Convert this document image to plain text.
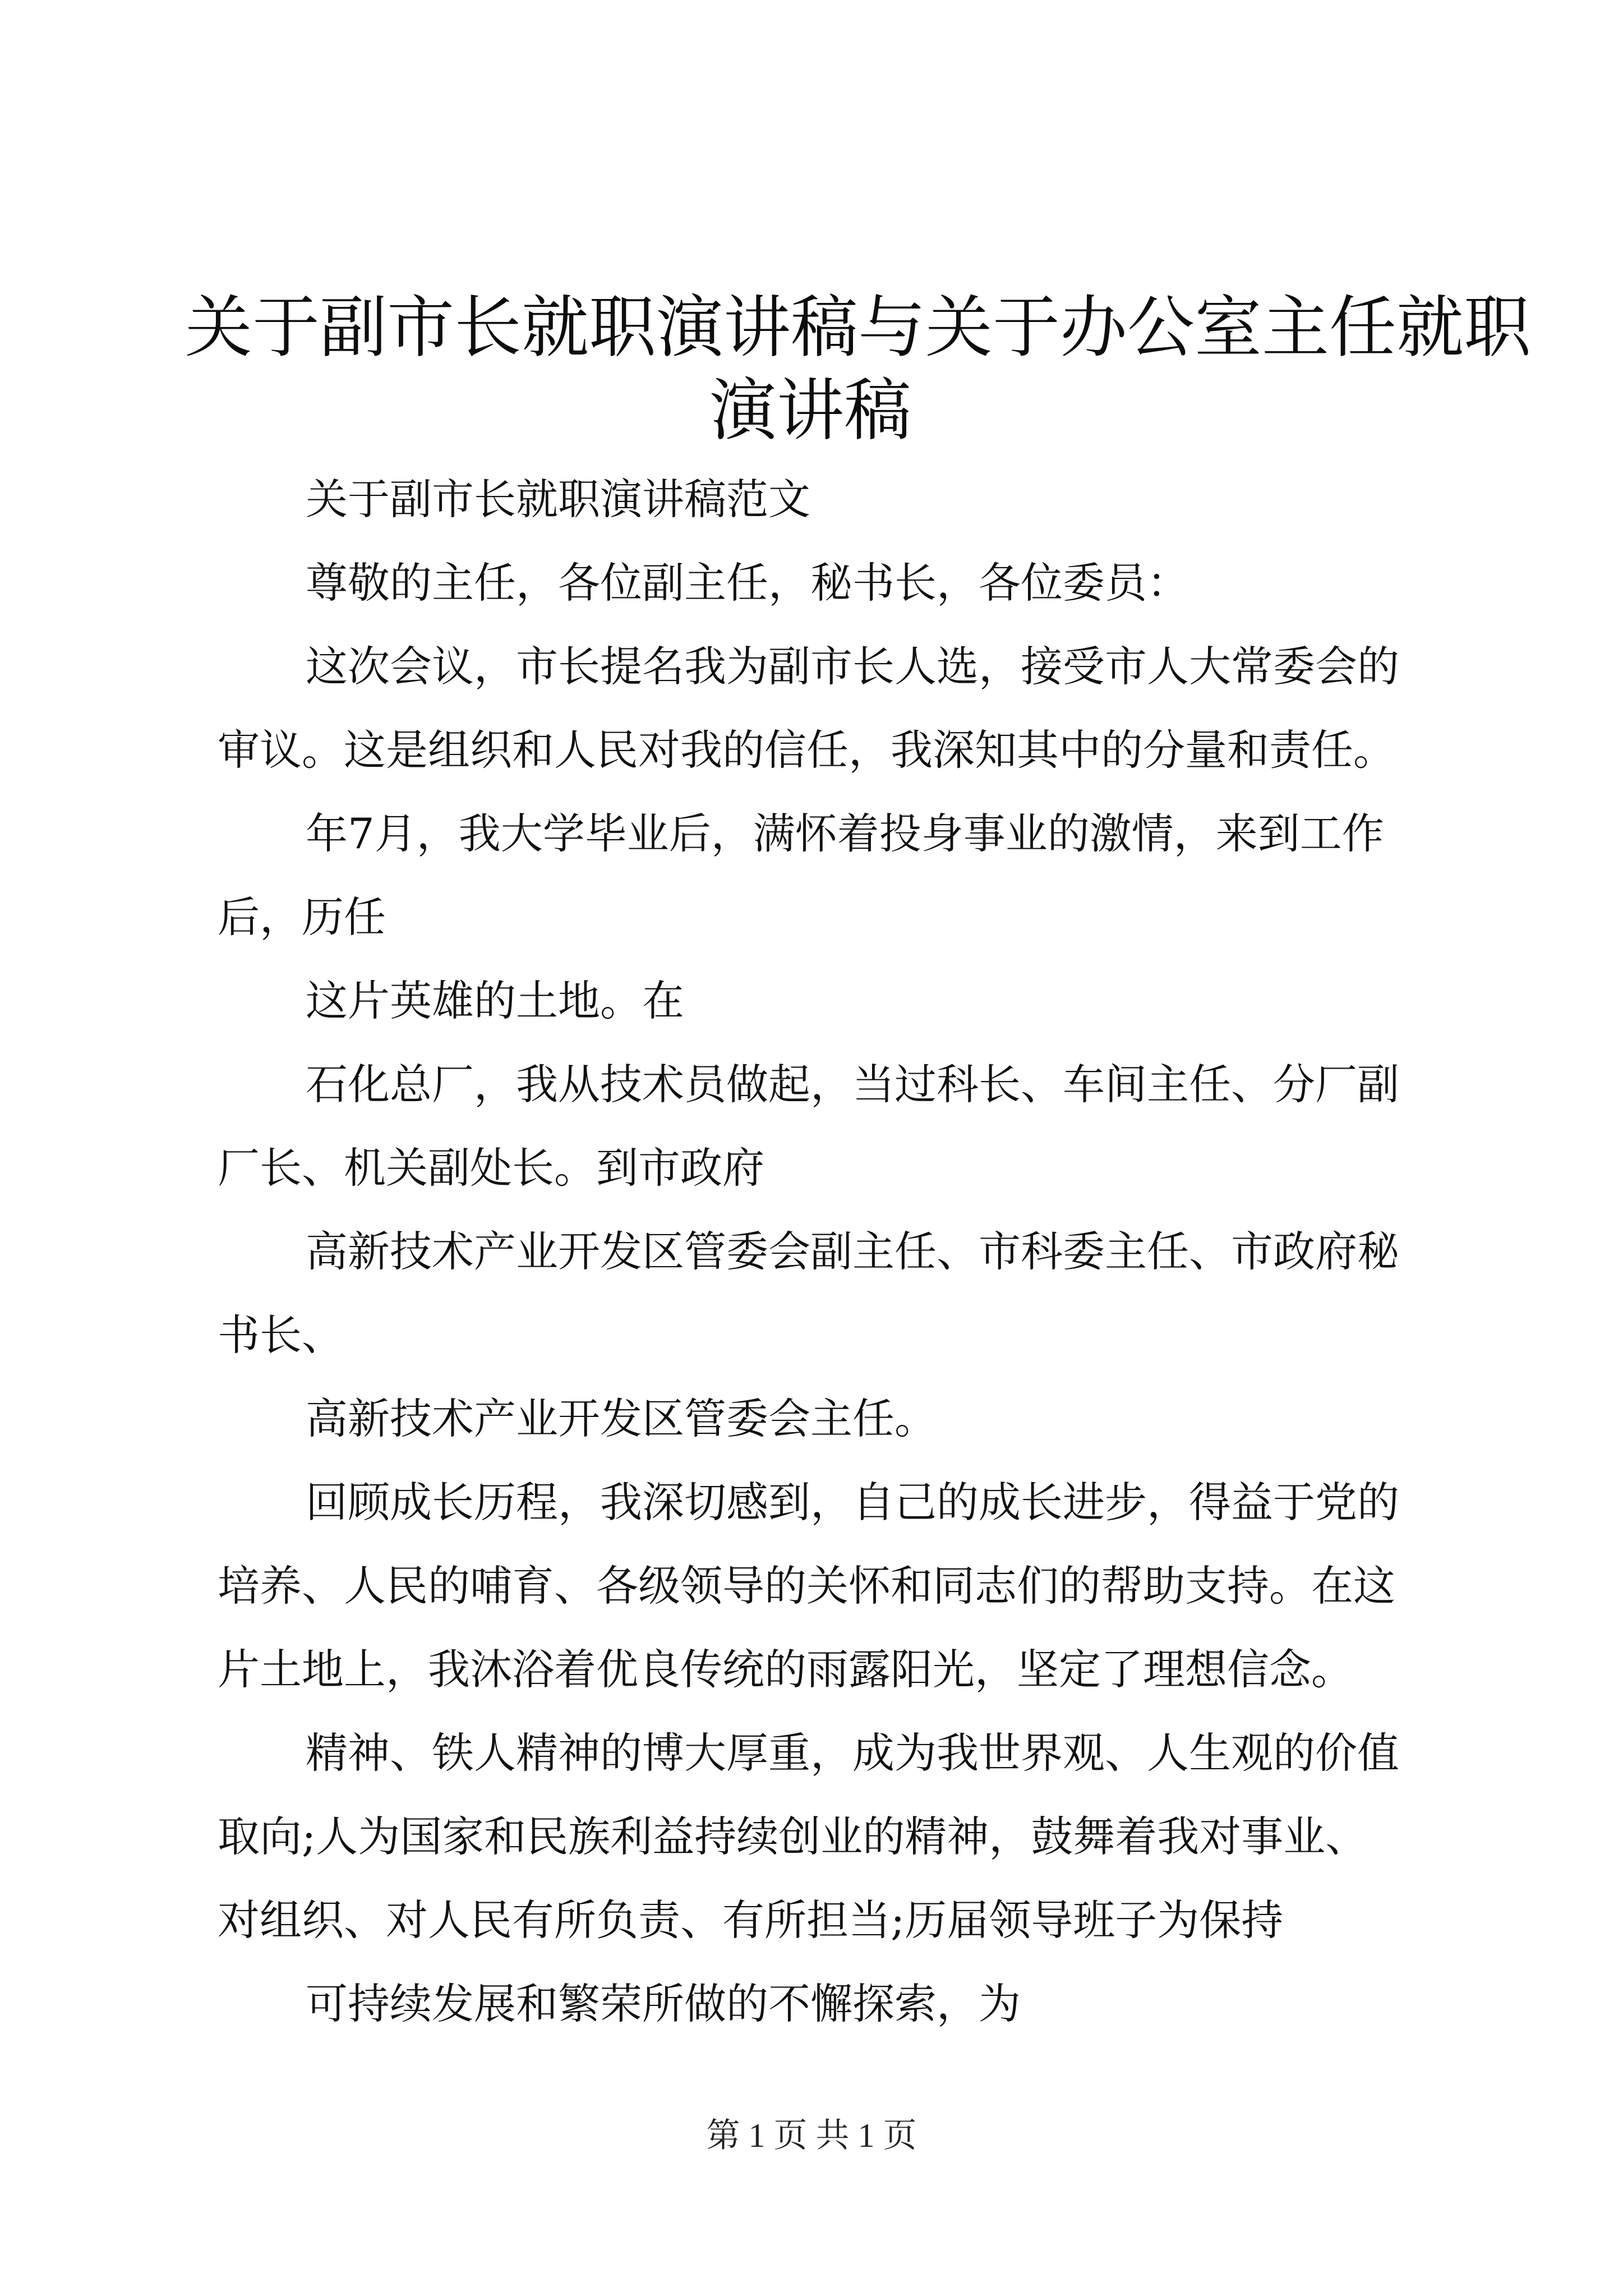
关于副市长就职演讲稿与关于办公室主任就职
演讲稿
关于副市长就职演讲稿范文
尊敬的主任，各位副主任，秘书长，各位委员：
这次会议，市长提名我为副市长人选，接受市人大常委会的
审议。这是组织和人民对我的信任，我深知其中的分量和责任。
年7月，我大学毕业后，满怀着投身事业的激情，来到工作
后，历任
这片英雄的土地。在
石化总厂，我从技术员做起，当过科长、车间主任、分厂副
厂长、机关副处长。到市政府
高新技术产业开发区管委会副主任、市科委主任、市政府秘
书长、
高新技术产业开发区管委会主任。
回顾成长历程，我深切感到，自己的成长进步，得益于党的
培养、人民的哺育、各级领导的关怀和同志们的帮助支持。在这
片土地上，我沐浴着优良传统的雨露阳光，坚定了理想信念。
精神、铁人精神的博大厚重，成为我世界观、人生观的价值
取向;人为国家和民族利益持续创业的精神，鼓舞着我对事业、
对组织、对人民有所负责、有所担当;历届领导班子为保持
可持续发展和繁荣所做的不懈探索，为
第 1 页 共 1 页
